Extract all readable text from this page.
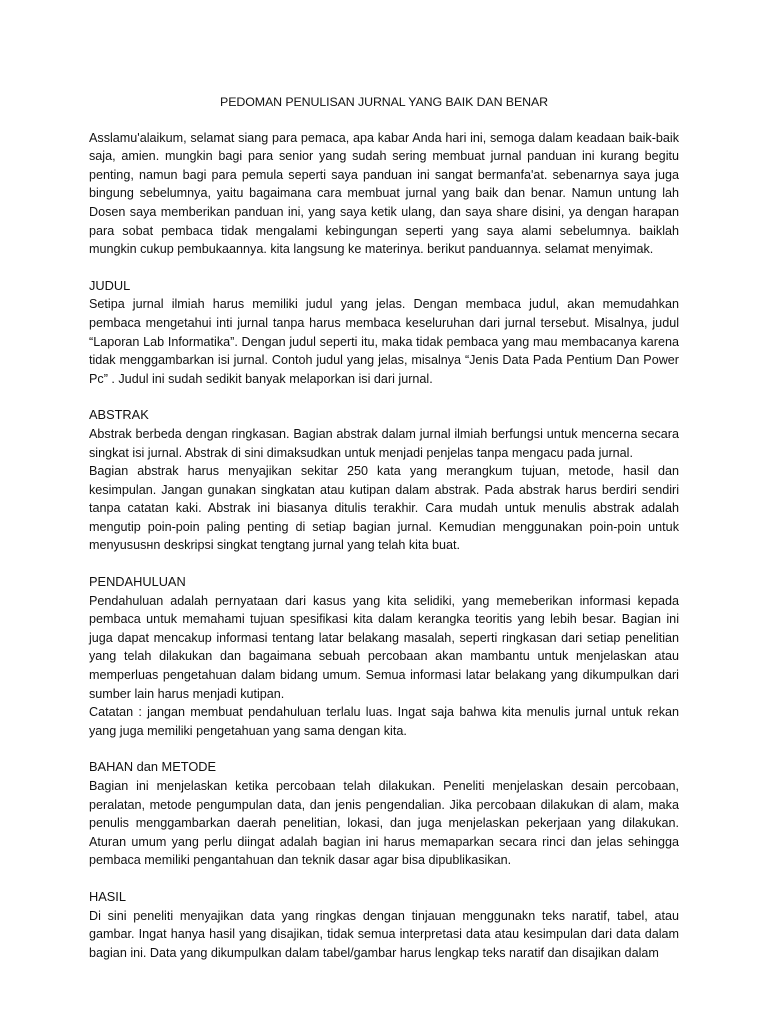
PEDOMAN PENULISAN JURNAL YANG BAIK DAN BENAR

Asslamu'alaikum, selamat siang para pemaca, apa kabar Anda hari ini, semoga dalam keadaan baik-baik saja, amien. mungkin bagi para senior yang sudah sering membuat jurnal panduan ini kurang begitu penting, namun bagi para pemula seperti saya panduan ini sangat bermanfa'at. sebenarnya saya juga bingung sebelumnya, yaitu bagaimana cara membuat jurnal yang baik dan benar. Namun untung lah Dosen saya memberikan panduan ini, yang saya ketik ulang, dan saya share disini, ya dengan harapan para sobat pembaca tidak mengalami kebingungan seperti yang saya alami sebelumnya. baiklah mungkin cukup pembukaannya. kita langsung ke materinya. berikut panduannya. selamat menyimak.

JUDUL

Setipa jurnal ilmiah harus memiliki judul yang jelas. Dengan membaca judul, akan memudahkan pembaca mengetahui inti jurnal tanpa harus membaca keseluruhan dari jurnal tersebut. Misalnya, judul “Laporan Lab Informatika”. Dengan judul seperti itu, maka tidak pembaca yang mau membacanya karena tidak menggambarkan isi jurnal. Contoh judul yang jelas, misalnya “Jenis Data Pada Pentium Dan Power Pc” . Judul ini sudah sedikit banyak melaporkan isi dari jurnal.

ABSTRAK

Abstrak berbeda dengan ringkasan. Bagian abstrak dalam jurnal ilmiah berfungsi untuk mencerna secara singkat isi jurnal. Abstrak di sini dimaksudkan untuk menjadi penjelas tanpa mengacu pada jurnal.

Bagian abstrak harus menyajikan sekitar 250 kata yang merangkum tujuan, metode, hasil dan kesimpulan. Jangan gunakan singkatan atau kutipan dalam abstrak. Pada abstrak harus berdiri sendiri tanpa catatan kaki. Abstrak ini biasanya ditulis terakhir. Cara mudah untuk menulis abstrak adalah mengutip poin-poin paling penting di setiap bagian jurnal. Kemudian menggunakan poin-poin untuk menyususнn deskripsi singkat tengtang jurnal yang telah kita buat.

PENDAHULUAN

Pendahuluan adalah pernyataan dari kasus yang kita selidiki, yang memeberikan informasi kepada pembaca untuk memahami tujuan spesifikasi kita dalam kerangka teoritis yang lebih besar. Bagian ini juga dapat mencakup informasi tentang latar belakang masalah, seperti ringkasan dari setiap penelitian yang telah dilakukan dan bagaimana sebuah percobaan akan mambantu untuk menjelaskan atau memperluas pengetahuan dalam bidang umum. Semua informasi latar belakang yang dikumpulkan dari sumber lain harus menjadi kutipan.

Catatan : jangan membuat pendahuluan terlalu luas. Ingat saja bahwa kita menulis jurnal untuk rekan yang juga memiliki pengetahuan yang sama dengan kita.

BAHAN dan METODE

Bagian ini menjelaskan ketika percobaan telah dilakukan. Peneliti menjelaskan desain percobaan, peralatan, metode pengumpulan data, dan jenis pengendalian. Jika percobaan dilakukan di alam, maka penulis menggambarkan daerah penelitian, lokasi, dan juga menjelaskan pekerjaan yang dilakukan. Aturan umum yang perlu diingat adalah bagian ini harus memaparkan secara rinci dan jelas sehingga pembaca memiliki pengantahuan dan teknik dasar agar bisa dipublikasikan.

HASIL

Di sini peneliti menyajikan data yang ringkas dengan tinjauan menggunakn teks naratif, tabel, atau gambar. Ingat hanya hasil yang disajikan, tidak semua interpretasi data atau kesimpulan dari data dalam bagian ini. Data yang dikumpulkan dalam tabel/gambar harus lengkap teks naratif dan disajikan dalam
